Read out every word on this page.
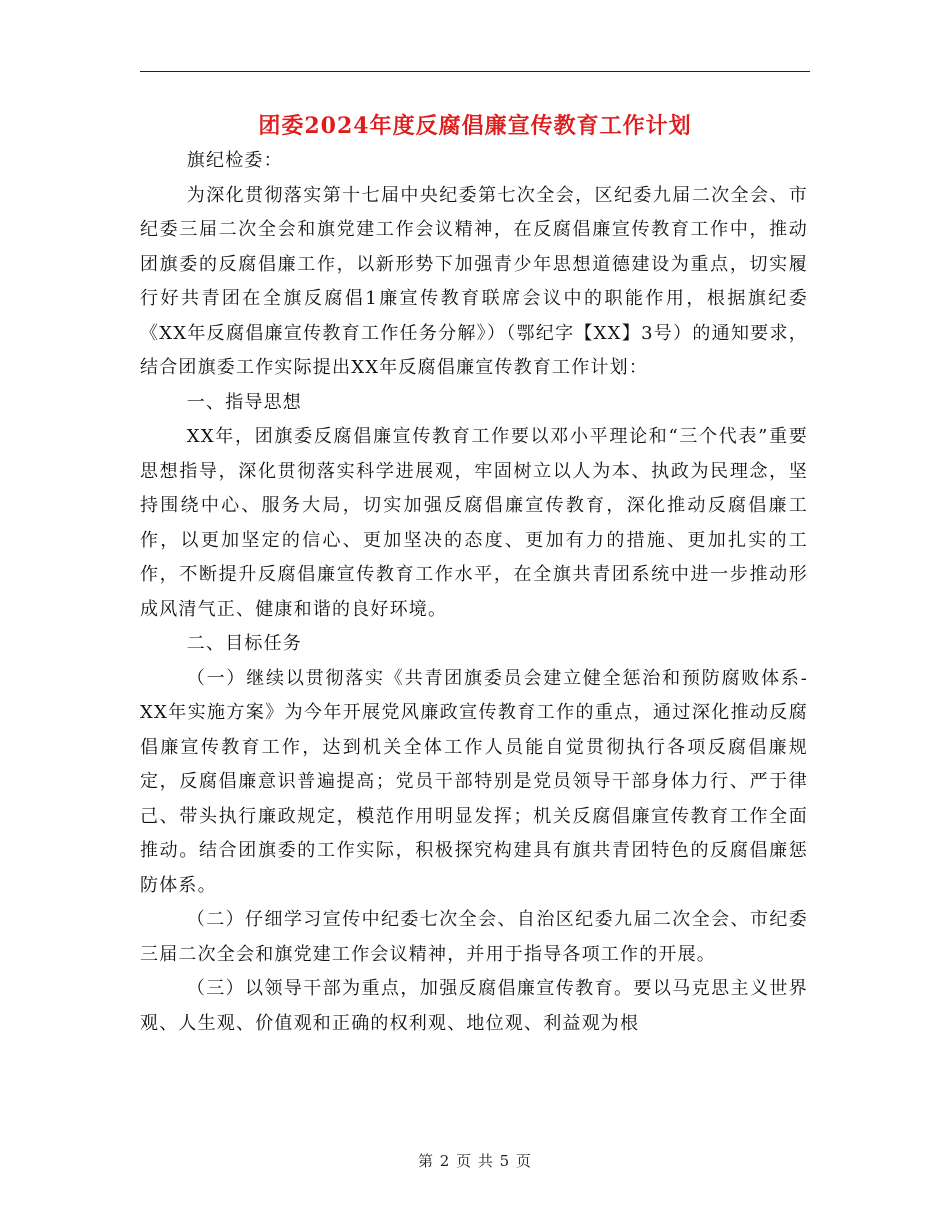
团委2024年度反腐倡廉宣传教育工作计划

旗纪检委：

为深化贯彻落实第十七届中央纪委第七次全会，区纪委九届二次全会、市纪委三届二次全会和旗党建工作会议精神，在反腐倡廉宣传教育工作中，推动团旗委的反腐倡廉工作，以新形势下加强青少年思想道德建设为重点，切实履行好共青团在全旗反腐倡1廉宣传教育联席会议中的职能作用，根据旗纪委《XX年反腐倡廉宣传教育工作任务分解》）（鄂纪字【XX】3号）的通知要求，结合团旗委工作实际提出XX年反腐倡廉宣传教育工作计划：

一、指导思想

XX年，团旗委反腐倡廉宣传教育工作要以邓小平理论和“三个代表”重要思想指导，深化贯彻落实科学进展观，牢固树立以人为本、执政为民理念，坚持围绕中心、服务大局，切实加强反腐倡廉宣传教育，深化推动反腐倡廉工作，以更加坚定的信心、更加坚决的态度、更加有力的措施、更加扎实的工作，不断提升反腐倡廉宣传教育工作水平，在全旗共青团系统中进一步推动形成风清气正、健康和谐的良好环境。

二、目标任务

（一）继续以贯彻落实《共青团旗委员会建立健全惩治和预防腐败体系-XX年实施方案》为今年开展党风廉政宣传教育工作的重点，通过深化推动反腐倡廉宣传教育工作，达到机关全体工作人员能自觉贯彻执行各项反腐倡廉规定，反腐倡廉意识普遍提高；党员干部特别是党员领导干部身体力行、严于律己、带头执行廉政规定，模范作用明显发挥；机关反腐倡廉宣传教育工作全面推动。结合团旗委的工作实际，积极探究构建具有旗共青团特色的反腐倡廉惩防体系。

（二）仔细学习宣传中纪委七次全会、自治区纪委九届二次全会、市纪委三届二次全会和旗党建工作会议精神，并用于指导各项工作的开展。

（三）以领导干部为重点，加强反腐倡廉宣传教育。要以马克思主义世界观、人生观、价值观和正确的权利观、地位观、利益观为根

第 2 页 共 5 页
